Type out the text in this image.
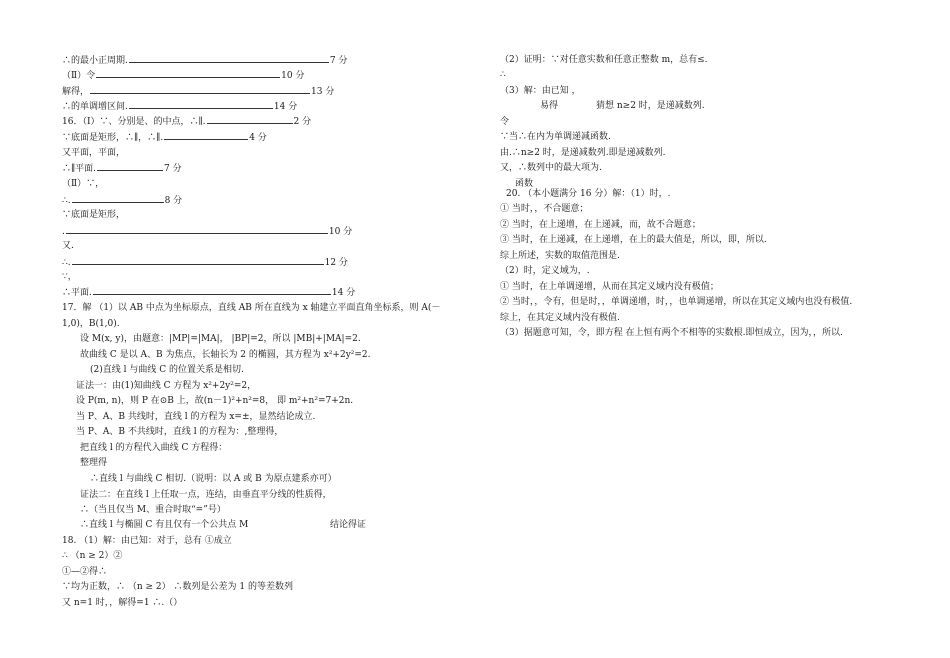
∴的最小正周期.	7 分
（Ⅱ）令	10 分
解得，	13 分
∴的单调增区间.	14 分
16．（Ⅰ）∵、分别是、的中点，∴∥.	2 分
∵底面是矩形，∴∥，∴∥.	4 分
又平面，平面，
∴∥平面.	7 分
（Ⅱ）∵，
∴.	8 分
∵底面是矩形，
.	10 分
又.
∴.	12 分
∵，
∴平面.	14 分
17．解 （1）以 AB 中点为坐标原点，直线 AB 所在直线为 x 轴建立平面直角坐标系，则 A(－
1,0)，B(1,0).
设 M(x, y)，由题意：|MP|=|MA|， |BP|=2，所以 |MB|+|MA|=2.
故曲线 C 是以 A、B 为焦点，长轴长为 2 的椭圆，其方程为 x²+2y²=2.
(2)直线 l 与曲线 C 的位置关系是相切.
证法一：由(1)知曲线 C 方程为 x²+2y²=2，
设 P(m, n)，则 P 在⊙B 上，故(n－1)²+n²=8， 即 m²+n²=7+2n.
当 P、A、B 共线时，直线 l 的方程为 x=±，显然结论成立.
当 P、A、B 不共线时，直线 l 的方程为：,整理得，
把直线 l 的方程代入曲线 C 方程得：
整理得
∴直线 l 与曲线 C 相切.（说明：以 A 或 B 为原点建系亦可）
证法二：在直线 l 上任取一点，连结，由垂直平分线的性质得，
∴（当且仅当 M、重合时取“=”号）
∴直线 l 与椭圆 C 有且仅有一个公共点 M	结论得证
18. （1）解：由已知：对于，总有 ①成立
∴ （n ≥ 2）②
①—②得∴
∵均为正数，∴ （n ≥ 2） ∴数列是公差为 1 的等差数列
又 n=1 时，，解得=1 ∴.（）
（2）证明：∵对任意实数和任意正整数 m，总有≤.
∴
（3）解：由已知 ，
易得	猜想 n≥2 时，是递减数列.
令
∵当∴在内为单调递减函数.
由.∴n≥2 时，是递减数列.即是递减数列.
又，∴数列中的最大项为.
函数
20. （本小题满分 16 分）解：（1）时，.
① 当时，，不合题意；
② 当时，在上递增，在上递减，而，故不合题意；
③ 当时，在上递减，在上递增，在上的最大值是，所以，即，所以.
综上所述，实数的取值范围是.
（2）时，定义域为，.
① 当时，在上单调递增，从而在其定义域内没有极值；
② 当时，，令有，但是时，，单调递增，时，，也单调递增，所以在其定义域内也没有极值.
综上，在其定义域内没有极值.
（3）据题意可知，令，即方程 在上恒有两个不相等的实数根.即恒成立，因为，，所以.
